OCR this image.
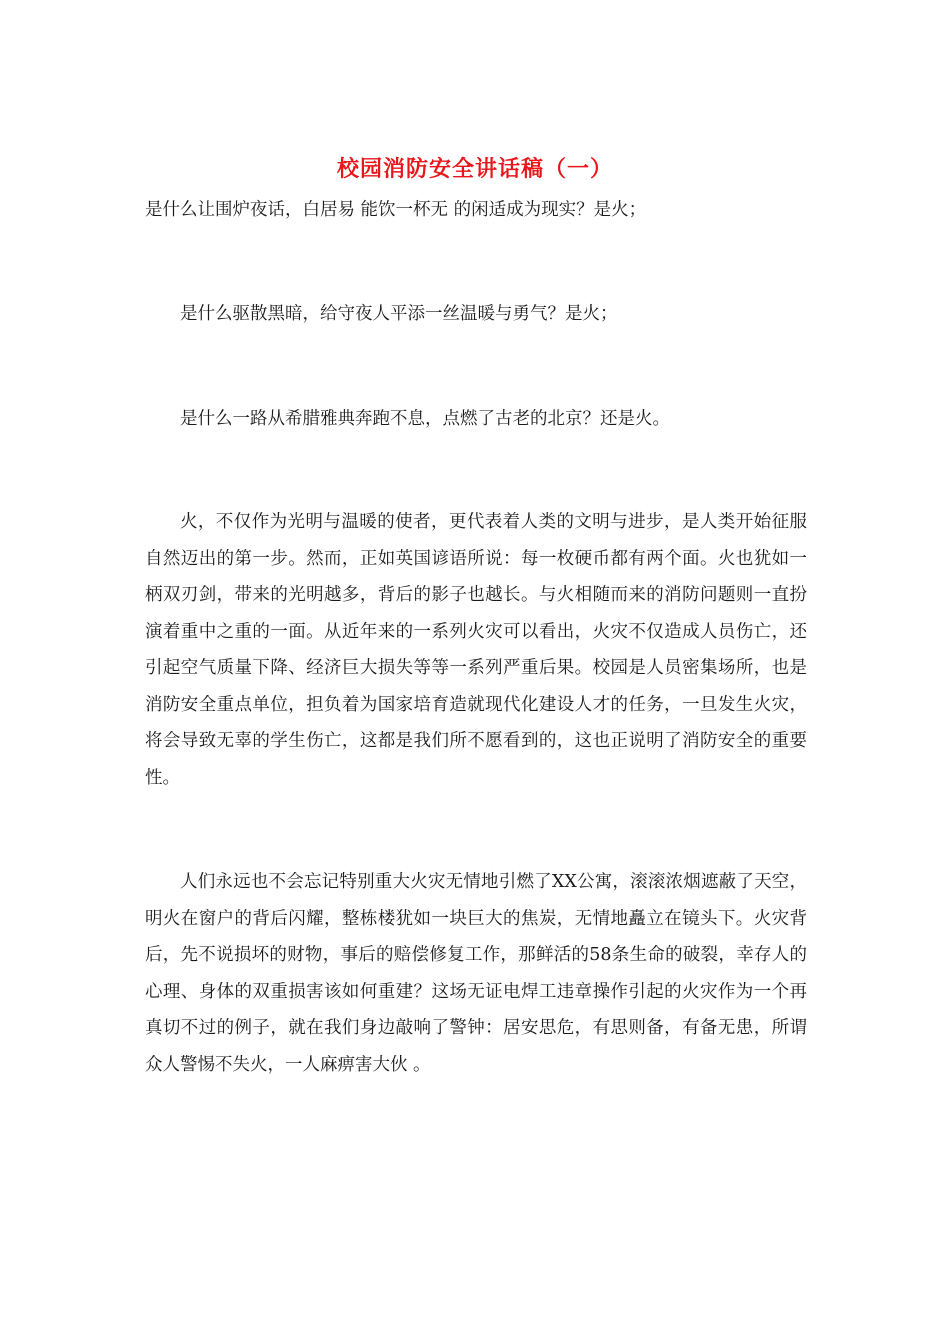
校园消防安全讲话稿（一）

是什么让围炉夜话，白居易 能饮一杯无 的闲适成为现实？是火；

是什么驱散黑暗，给守夜人平添一丝温暖与勇气？是火；

是什么一路从希腊雅典奔跑不息，点燃了古老的北京？还是火。

火，不仅作为光明与温暖的使者，更代表着人类的文明与进步，是人类开始征服自然迈出的第一步。然而，正如英国谚语所说：每一枚硬币都有两个面。火也犹如一柄双刃剑，带来的光明越多，背后的影子也越长。与火相随而来的消防问题则一直扮演着重中之重的一面。从近年来的一系列火灾可以看出，火灾不仅造成人员伤亡，还引起空气质量下降、经济巨大损失等等一系列严重后果。校园是人员密集场所，也是消防安全重点单位，担负着为国家培育造就现代化建设人才的任务，一旦发生火灾，将会导致无辜的学生伤亡，这都是我们所不愿看到的，这也正说明了消防安全的重要性。

人们永远也不会忘记特别重大火灾无情地引燃了XX公寓，滚滚浓烟遮蔽了天空，明火在窗户的背后闪耀，整栋楼犹如一块巨大的焦炭，无情地矗立在镜头下。火灾背后，先不说损坏的财物，事后的赔偿修复工作，那鲜活的58条生命的破裂，幸存人的心理、身体的双重损害该如何重建？这场无证电焊工违章操作引起的火灾作为一个再真切不过的例子，就在我们身边敲响了警钟：居安思危，有思则备，有备无患，所谓 众人警惕不失火，一人麻痹害大伙 。
